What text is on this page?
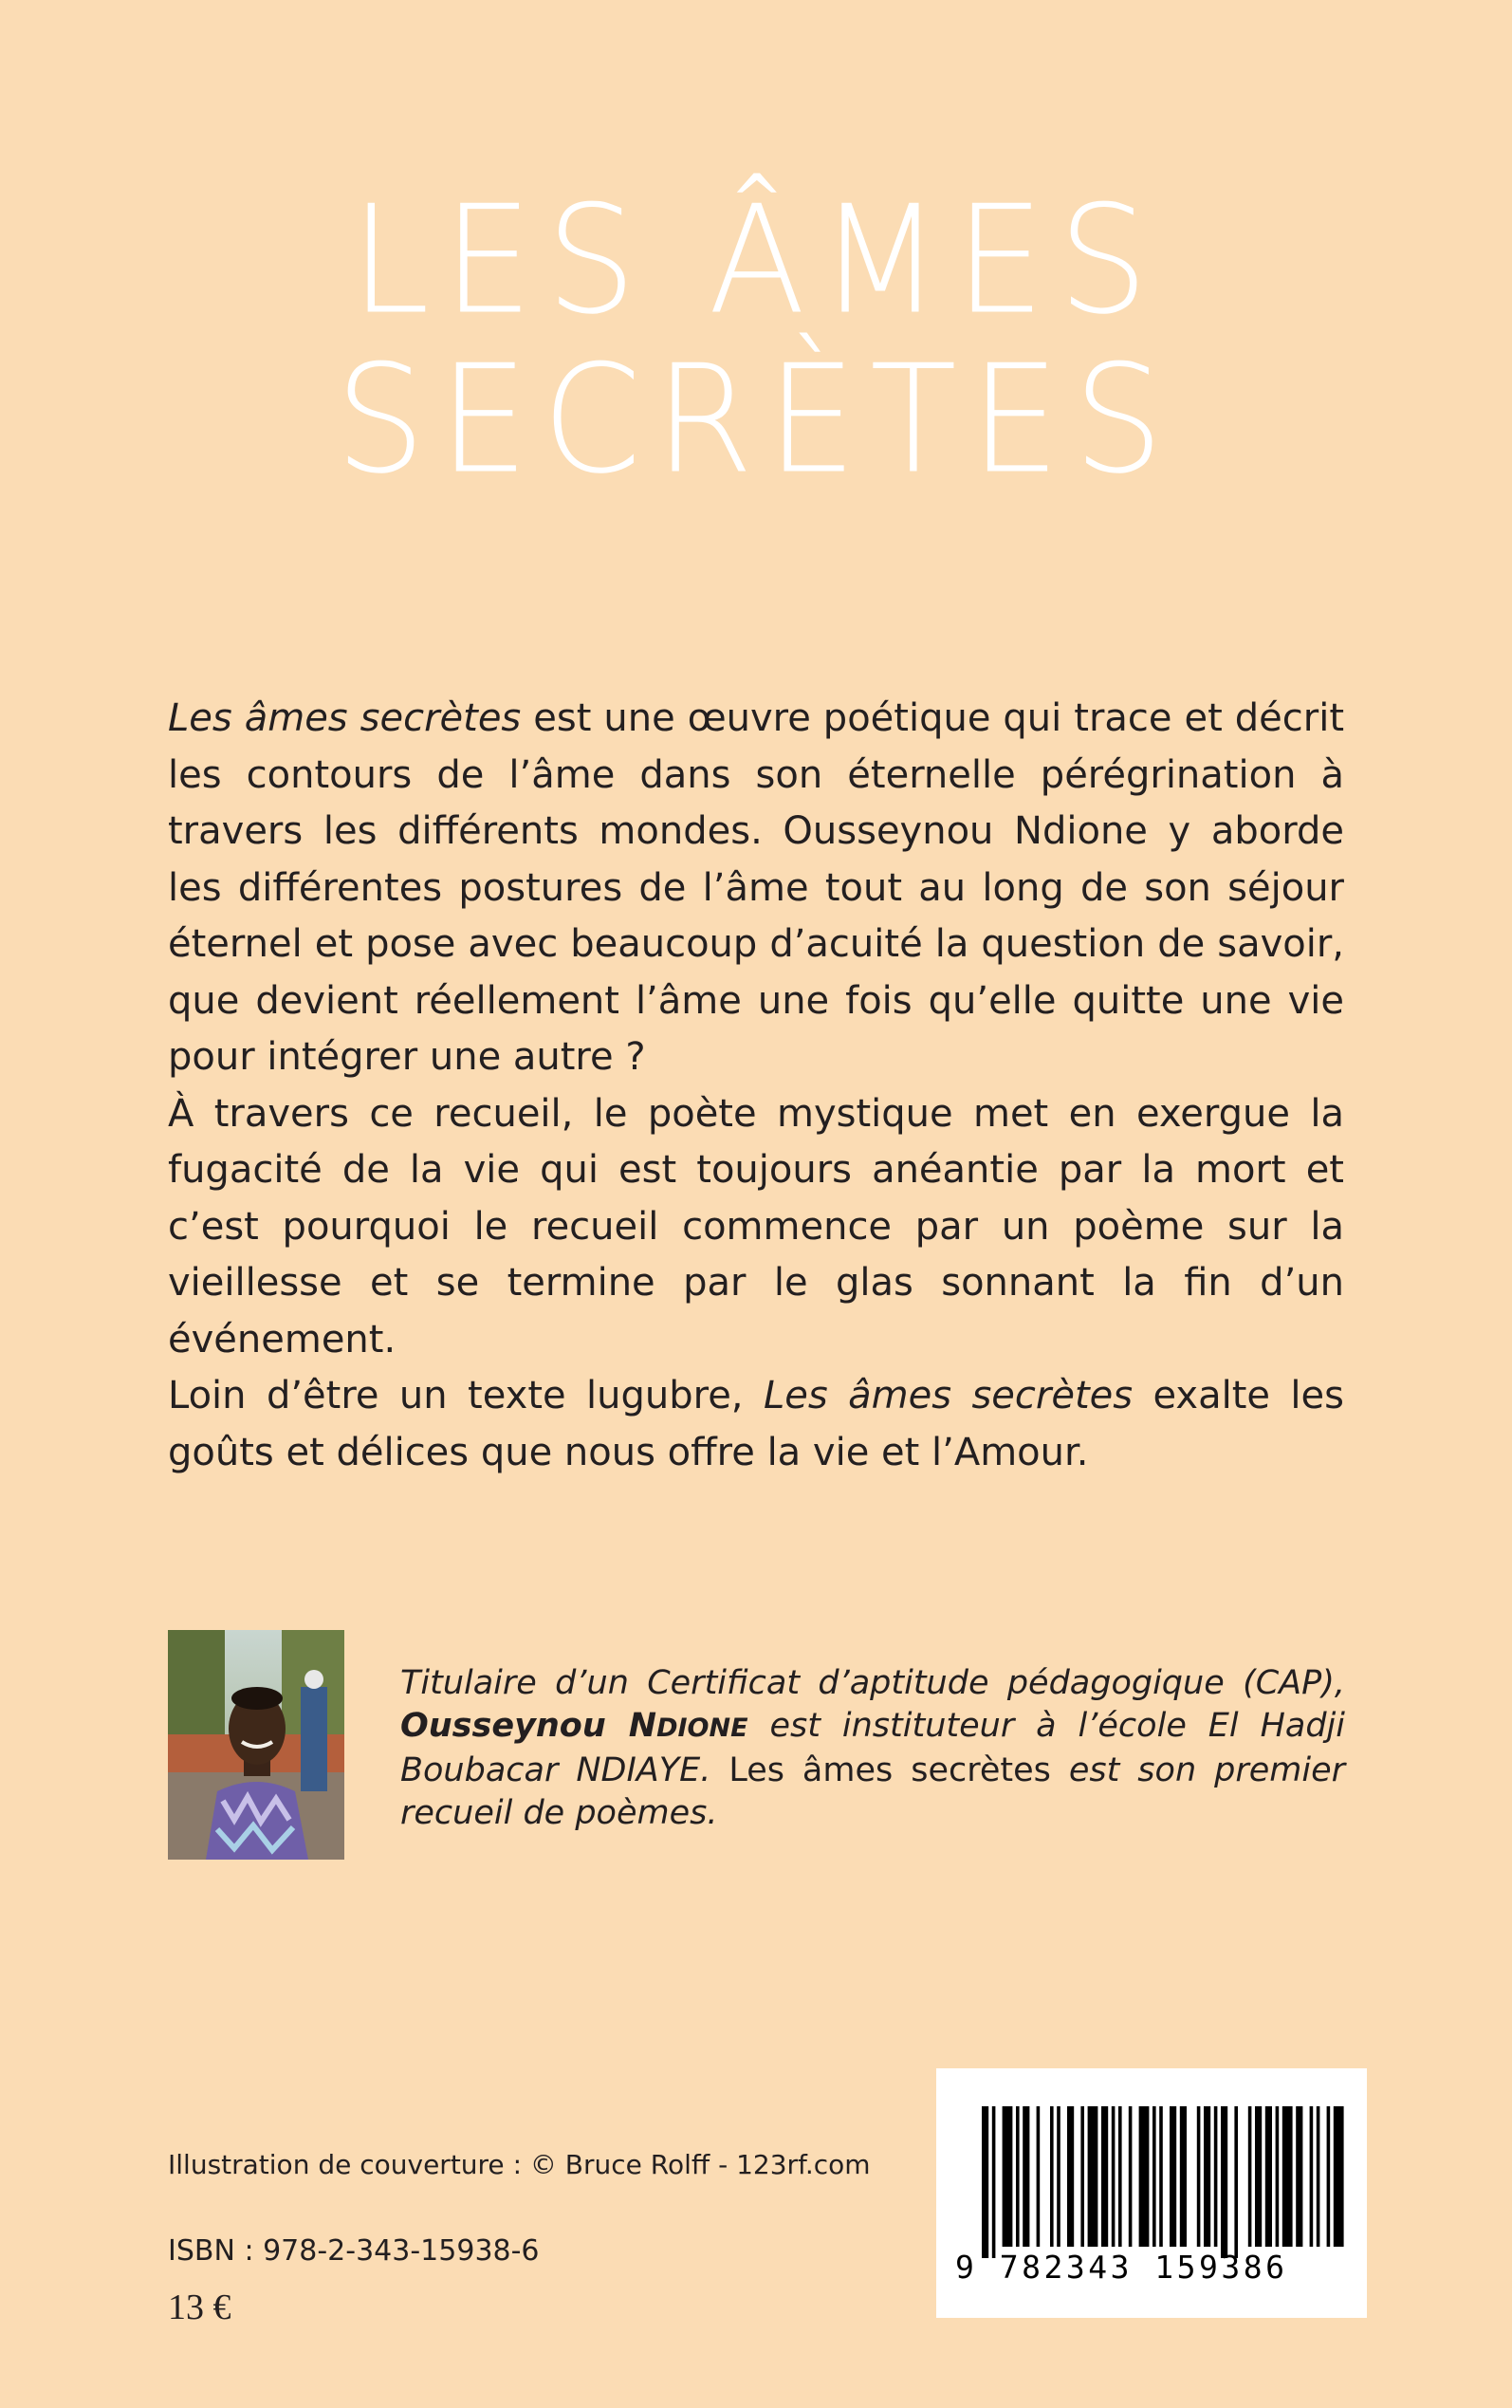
LES ÂMES
SECRÈTES

Les âmes secrètes est une œuvre poétique qui trace et décrit les contours de l’âme dans son éternelle pérégrination à travers les différents mondes. Ousseynou Ndione y aborde les différentes postures de l’âme tout au long de son séjour éternel et pose avec beaucoup d’acuité la question de savoir, que devient réellement l’âme une fois qu’elle quitte une vie pour intégrer une autre ?

À travers ce recueil, le poète mystique met en exergue la fugacité de la vie qui est toujours anéantie par la mort et c’est pourquoi le recueil commence par un poème sur la vieillesse et se termine par le glas sonnant la fin d’un événement.

Loin d’être un texte lugubre, Les âmes secrètes exalte les goûts et délices que nous offre la vie et l’Amour.

Titulaire d’un Certificat d’aptitude pédagogique (CAP), Ousseynou NDIONE est instituteur à l’école El Hadji Boubacar NDIAYE. Les âmes secrètes est son premier recueil de poèmes.

Illustration de couverture : © Bruce Rolff - 123rf.com
ISBN : 978-2-343-15938-6
13 €
9 782343 159386
